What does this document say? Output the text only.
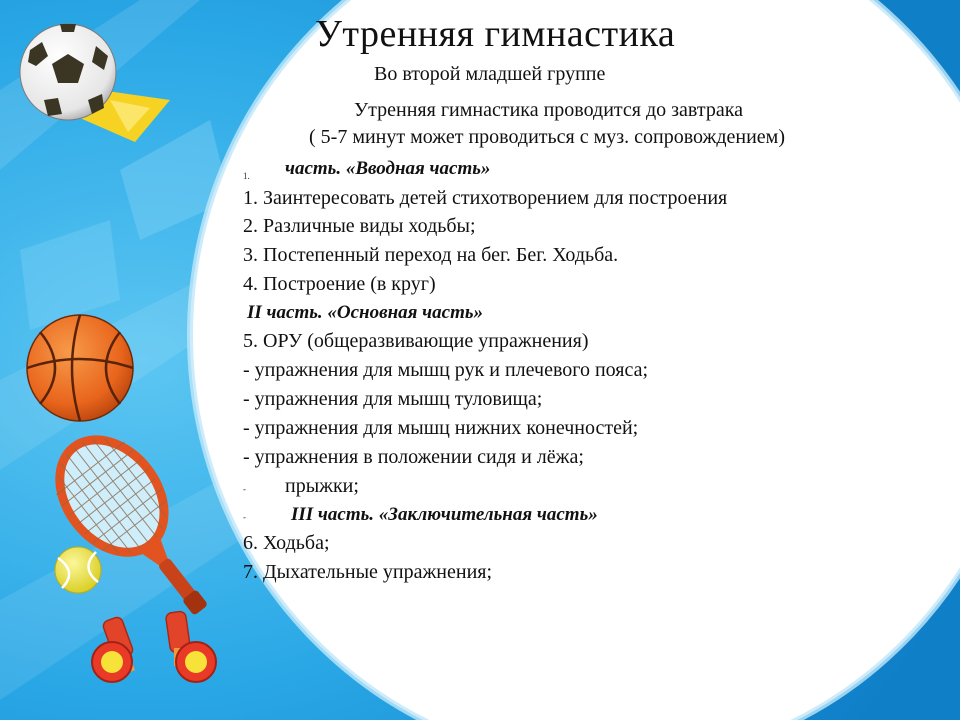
Утренняя гимнастика
Во второй младшей группе
Утренняя гимнастика проводится до завтрака
( 5-7 минут может проводиться с муз. сопровождением)
1. часть. «Вводная часть»
1. Заинтересовать детей стихотворением для построения
2. Различные виды ходьбы;
3. Постепенный переход на бег. Бег. Ходьба.
4. Построение (в круг)
II часть. «Основная часть»
5. ОРУ (общеразвивающие упражнения)
- упражнения для мышц рук и плечевого пояса;
- упражнения для мышц туловища;
- упражнения для мышц нижних конечностей;
- упражнения в положении сидя и лёжа;
- прыжки;
- III часть. «Заключительная часть»
6. Ходьба;
7. Дыхательные упражнения;
